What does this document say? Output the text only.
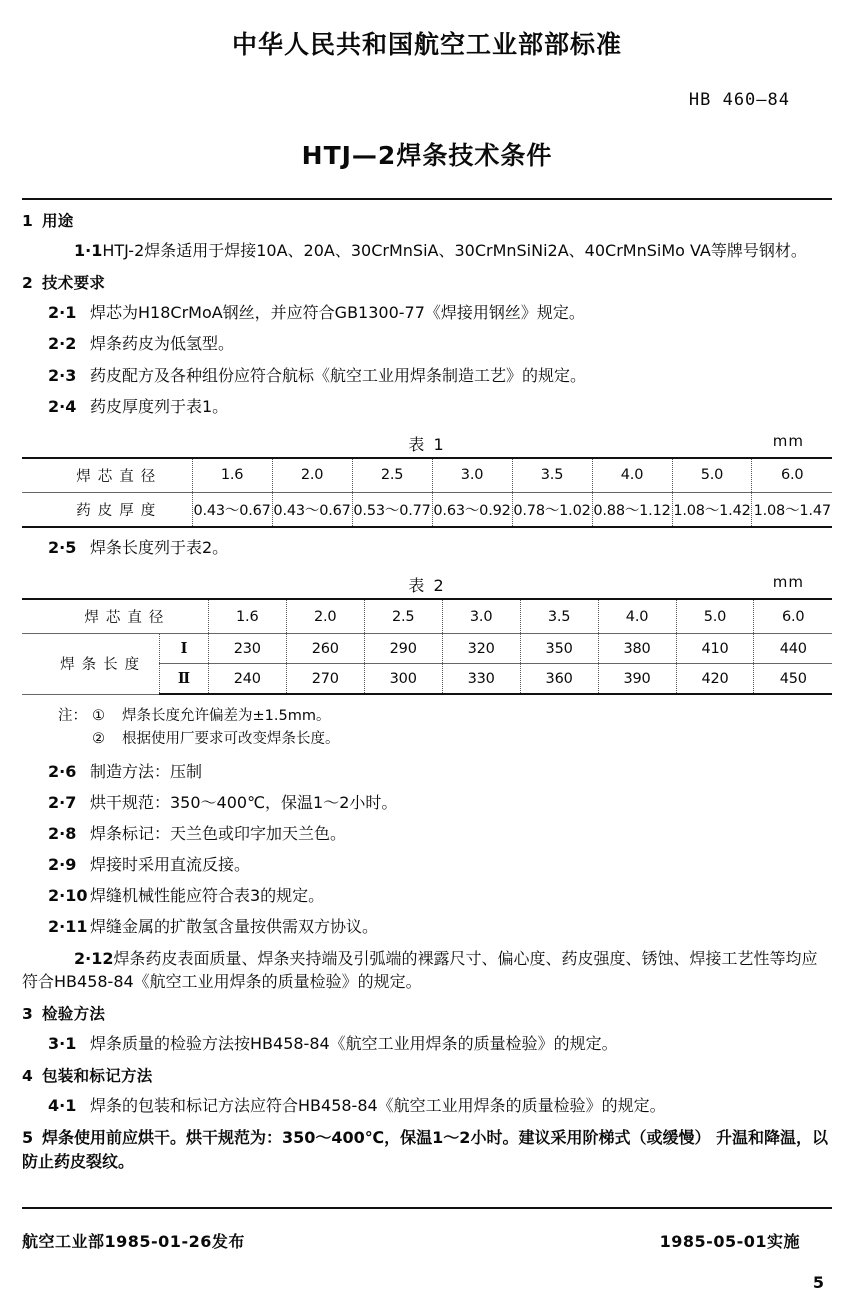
中华人民共和国航空工业部部标准
HB 460—84
HTJ—2焊条技术条件
1 用途
1·1HTJ-2焊条适用于焊接10A、20A、30CrMnSiA、30CrMnSiNi2A、40CrMnSiMo VA等牌号钢材。
2 技术要求
2·1 焊芯为H18CrMoA钢丝，并应符合GB1300-77《焊接用钢丝》规定。
2·2 焊条药皮为低氢型。
2·3 药皮配方及各种组份应符合航标《航空工业用焊条制造工艺》的规定。
2·4 药皮厚度列于表1。
表 1	mm
焊芯直径	1.6	2.0	2.5	3.0	3.5	4.0	5.0	6.0
药皮厚度	0.43～0.67	0.43～0.67	0.53～0.77	0.63～0.92	0.78～1.02	0.88～1.12	1.08～1.42	1.08～1.47
2·5 焊条长度列于表2。
表 2	mm
焊芯直径		1.6	2.0	2.5	3.0	3.5	4.0	5.0	6.0
焊条长度	Ⅰ	230	260	290	320	350	380	410	440
	Ⅱ	240	270	300	330	360	390	420	450
注： ① 焊条长度允许偏差为±1.5mm。
② 根据使用厂要求可改变焊条长度。
2·6 制造方法：压制
2·7 烘干规范：350～400℃，保温1～2小时。
2·8 焊条标记：天兰色或印字加天兰色。
2·9 焊接时采用直流反接。
2·10 焊缝机械性能应符合表3的规定。
2·11 焊缝金属的扩散氢含量按供需双方协议。
2·12焊条药皮表面质量、焊条夹持端及引弧端的裸露尺寸、偏心度、药皮强度、锈蚀、焊接工艺性等均应符合HB458-84《航空工业用焊条的质量检验》的规定。
3 检验方法
3·1 焊条质量的检验方法按HB458-84《航空工业用焊条的质量检验》的规定。
4 包装和标记方法
4·1 焊条的包装和标记方法应符合HB458-84《航空工业用焊条的质量检验》的规定。
5 焊条使用前应烘干。烘干规范为：350～400℃，保温1～2小时。建议采用阶梯式（或缓慢） 升温和降温，以防止药皮裂纹。
航空工业部1985-01-26发布	1985-05-01实施
5
